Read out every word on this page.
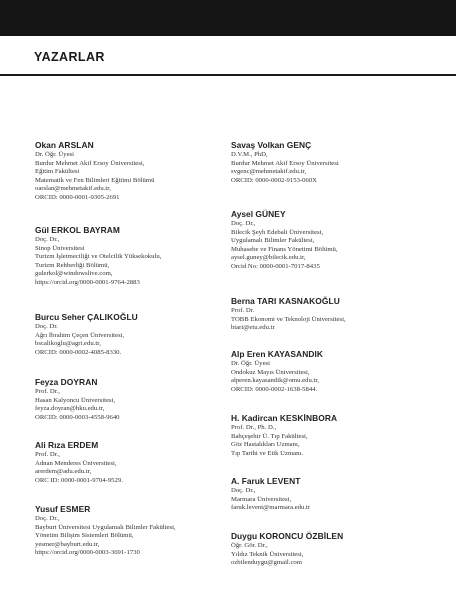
YAZARLAR
Okan ARSLAN
Dr. Öğr. Üyesi
Burdur Mehmet Akif Ersoy Üniversitesi,
Eğitim Fakültesi
Matematik ve Fen Bilimleri Eğitimi Bölümü
oarslan@mehmetakif.edu.tr,
ORCID: 0000-0001-9305-2691
Gül ERKOL BAYRAM
Doç. Dr.,
Sinop Üniversitesi
Turizm İşletmeciliği ve Otelcilik Yüksekokulu,
Turizm Rehberliği Bölümü,
gulerkol@windowslive.com,
https://orcid.org/0000-0001-9764-2883
Burcu Seher ÇALIKOĞLU
Doç. Dr.
Ağrı İbrahim Çeçen Üniversitesi,
bscalikoglu@agri.edu.tr,
ORCID: 0000-0002-4085-8330.
Feyza DOYRAN
Prof. Dr.,
Hasan Kalyoncu Üniversitesi,
feyza.doyran@hku.edu.tr,
ORCID: 0000-0003-4558-9640
Ali Rıza ERDEM
Prof. Dr.,
Adnan Menderes Üniversitesi,
arerdem@adu.edu.tr,
ORC ID: 0000-0001-9704-9529.
Yusuf ESMER
Doç. Dr.,
Bayburt Üniversitesi Uygulamalı Bilimler Fakültesi,
Yönetim Bilişim Sistemleri Bölümü,
yesmer@bayburt.edu.tr,
https://orcid.org/0000-0003-3691-1730
Savaş Volkan GENÇ
D.V.M., PhD,
Burdur Mehmet Akif Ersoy Üniversitesi
svgenc@mehmetakif.edu.tr,
ORCID: 0000-0002-9153-060X
Aysel GÜNEY
Doç. Dr.,
Bilecik Şeyh Edebali Üniversitesi,
Uygulamalı Bilimler Fakültesi,
Muhasebe ve Finans Yönetimi Bölümü,
aysel.guney@bilecik.edu.tr,
Orcid No: 0000-0001-7017-8435
Berna TARI KASNAKOĞLU
Prof. Dr.
TOBB Ekonomi ve Teknoloji Üniversitesi,
btari@etu.edu.tr
Alp Eren KAYASANDIK
Dr. Öğr. Üyesi
Ondokuz Mayıs Üniversitesi,
alperen.kayasandik@omu.edu.tr,
ORCID: 0000-0002-1638-5844.
H. Kadircan KESKİNBORA
Prof. Dr., Ph. D.,
Bahçeşehir Ü. Tıp Fakültesi,
Göz Hastalıkları Uzmanı,
Tıp Tarihi ve Etik Uzmanı.
A. Faruk LEVENT
Doç. Dr.,
Marmara Üniversitesi,
faruk.levent@marmara.edu.tr
Duygu KORONCU ÖZBİLEN
Öğr. Gör. Dr.,
Yıldız Teknik Üniversitesi,
ozbilenduygu@gmail.com
